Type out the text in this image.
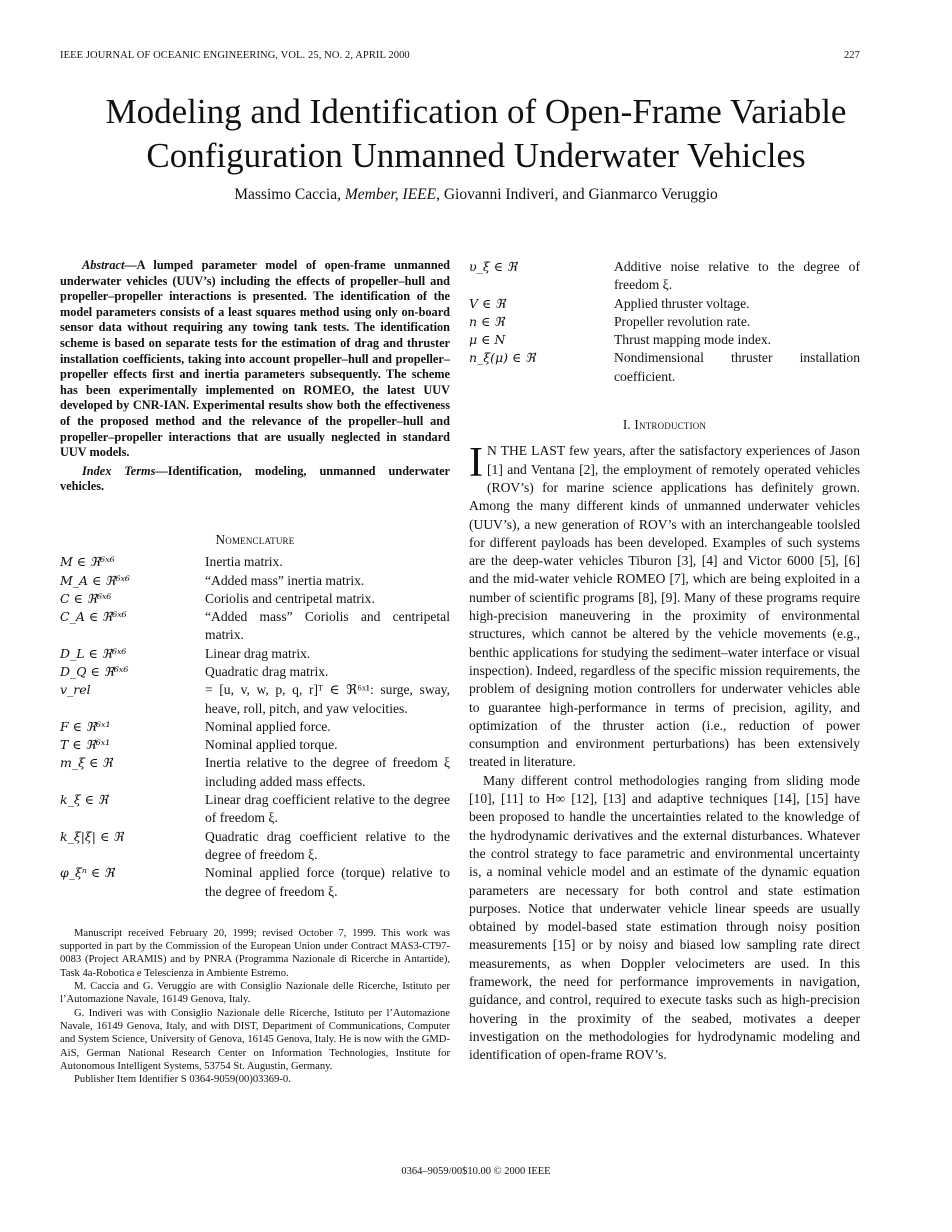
IEEE JOURNAL OF OCEANIC ENGINEERING, VOL. 25, NO. 2, APRIL 2000	227
Modeling and Identification of Open-Frame Variable
Configuration Unmanned Underwater Vehicles
Massimo Caccia, Member, IEEE, Giovanni Indiveri, and Gianmarco Veruggio

Abstract—A lumped parameter model of open-frame unmanned underwater vehicles (UUV’s) including the effects of propeller–hull and propeller–propeller interactions is presented. The identification of the model parameters consists of a least squares method using only on-board sensor data without requiring any towing tank tests. The identification scheme is based on separate tests for the estimation of drag and thruster installation coefficients, taking into account propeller–hull and propeller–propeller effects first and inertia parameters subsequently. The scheme has been experimentally implemented on ROMEO, the latest UUV developed by CNR-IAN. Experimental results show both the effectiveness of the proposed method and the relevance of the propeller–hull and propeller–propeller interactions that are usually neglected in standard UUV models.

Index Terms—Identification, modeling, unmanned underwater vehicles.

Nomenclature

M ∈ ℜ⁶ˣ⁶	Inertia matrix.
M_A ∈ ℜ⁶ˣ⁶	“Added mass” inertia matrix.
C ∈ ℜ⁶ˣ⁶	Coriolis and centripetal matrix.
C_A ∈ ℜ⁶ˣ⁶	“Added mass” Coriolis and centripetal matrix.
D_L ∈ ℜ⁶ˣ⁶	Linear drag matrix.
D_Q ∈ ℜ⁶ˣ⁶	Quadratic drag matrix.
v_rel	= [u, v, w, p, q, r]ᵀ ∈ ℜ⁶ˣ¹: surge, sway, heave, roll, pitch, and yaw velocities.
F ∈ ℜ⁶ˣ¹	Nominal applied force.
T ∈ ℜ⁶ˣ¹	Nominal applied torque.
m_ξ ∈ ℜ	Inertia relative to the degree of freedom ξ including added mass effects.
k_ξ ∈ ℜ	Linear drag coefficient relative to the degree of freedom ξ.
k_ξ|ξ| ∈ ℜ	Quadratic drag coefficient relative to the degree of freedom ξ.
φ_ξⁿ ∈ ℜ	Nominal applied force (torque) relative to the degree of freedom ξ.

Manuscript received February 20, 1999; revised October 7, 1999. This work was supported in part by the Commission of the European Union under Contract MAS3-CT97-0083 (Project ARAMIS) and by PNRA (Programma Nazionale di Ricerche in Antartide), Task 4a-Robotica e Telescienza in Ambiente Estremo.

M. Caccia and G. Veruggio are with Consiglio Nazionale delle Ricerche, Istituto per l’Automazione Navale, 16149 Genova, Italy.

G. Indiveri was with Consiglio Nazionale delle Ricerche, Istituto per l’Automazione Navale, 16149 Genova, Italy, and with DIST, Department of Communications, Computer and System Science, University of Genova, 16145 Genova, Italy. He is now with the GMD-AiS, German National Research Center on Information Technologies, Institute for Autonomous Intelligent Systems, 53754 St. Augustin, Germany.

Publisher Item Identifier S 0364-9059(00)03369-0.

υ_ξ ∈ ℜ	Additive noise relative to the degree of freedom ξ.
V ∈ ℜ	Applied thruster voltage.
n ∈ ℜ	Propeller revolution rate.
μ ∈ N	Thrust mapping mode index.
n_ξ(μ) ∈ ℜ	Nondimensional thruster installation coefficient.

I. Introduction

I N THE LAST few years, after the satisfactory experiences of Jason [1] and Ventana [2], the employment of remotely operated vehicles (ROV’s) for marine science applications has definitely grown. Among the many different kinds of unmanned underwater vehicles (UUV’s), a new generation of ROV’s with an interchangeable toolsled for different payloads has been developed. Examples of such systems are the deep-water vehicles Tiburon [3], [4] and Victor 6000 [5], [6] and the mid-water vehicle ROMEO [7], which are being exploited in a number of scientific programs [8], [9]. Many of these programs require high-precision maneuvering in the proximity of environmental structures, which cannot be altered by the vehicle movements (e.g., benthic applications for studying the sediment–water interface or visual inspection). Indeed, regardless of the specific mission requirements, the problem of designing motion controllers for underwater vehicles able to guarantee high-performance in terms of precision, agility, and optimization of the thruster action (i.e., reduction of power consumption and environment perturbations) has been extensively treated in literature.

Many different control methodologies ranging from sliding mode [10], [11] to H∞ [12], [13] and adaptive techniques [14], [15] have been proposed to handle the uncertainties related to the knowledge of the hydrodynamic derivatives and the external disturbances. Whatever the control strategy to face parametric and environmental uncertainty is, a nominal vehicle model and an estimate of the dynamic equation parameters are necessary for both control and state estimation purposes. Notice that underwater vehicle linear speeds are usually obtained by model-based state estimation through noisy position measurements [15] or by noisy and biased low sampling rate direct measurements, as when Doppler velocimeters are used. In this framework, the need for performance improvements in navigation, guidance, and control, required to execute tasks such as high-precision hovering in the proximity of the seabed, motivates a deeper investigation on the methodologies for hydrodynamic modeling and identification of open-frame ROV’s.

0364–9059/00$10.00 © 2000 IEEE
